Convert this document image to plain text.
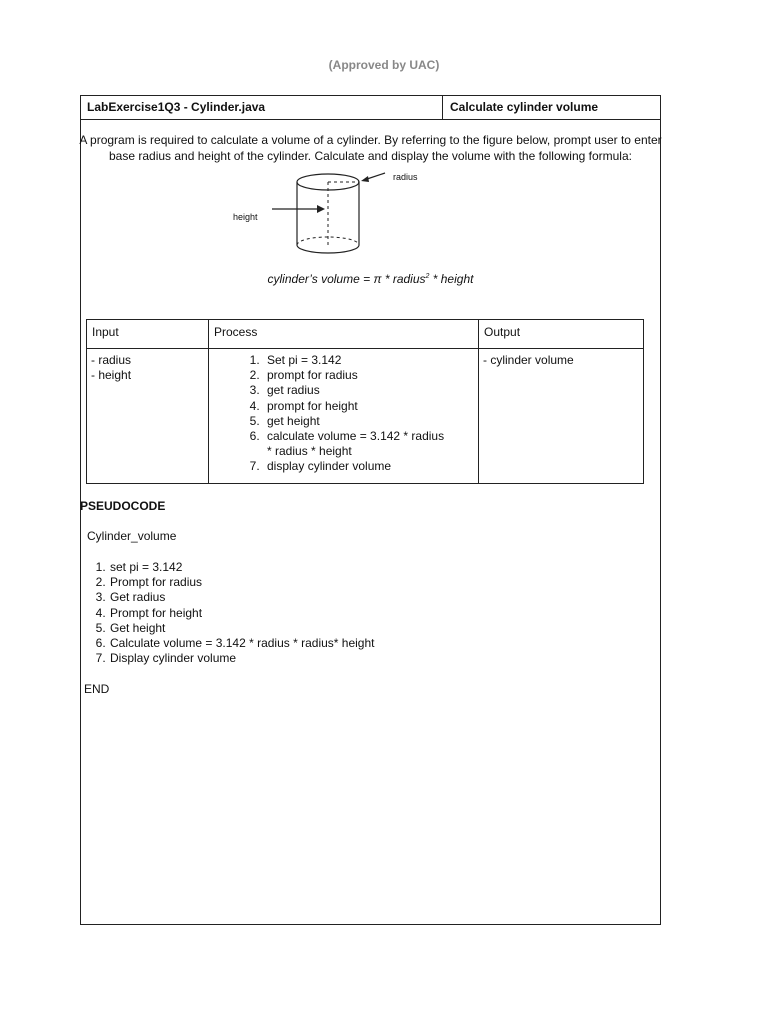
(Approved by UAC)
LabExercise1Q3 - Cylinder.java	Calculate cylinder volume
A program is required to calculate a volume of a cylinder. By referring to the figure below, prompt user to enter
base radius and height of the cylinder. Calculate and display the volume with the following formula:
radius
height
cylinder’s volume = π * radius$^2$ * height
Input
- radius
- height
Process
1. Set pi = 3.142
2. prompt for radius
3. get radius
4. prompt for height
5. get height
6. calculate volume = 3.142 * radius * radius * height
7. display cylinder volume
Output
- cylinder volume
PSEUDOCODE
Cylinder_volume
1. set pi = 3.142
2. Prompt for radius
3. Get radius
4. Prompt for height
5. Get height
6. Calculate volume = 3.142 * radius * radius* height
7. Display cylinder volume
END
